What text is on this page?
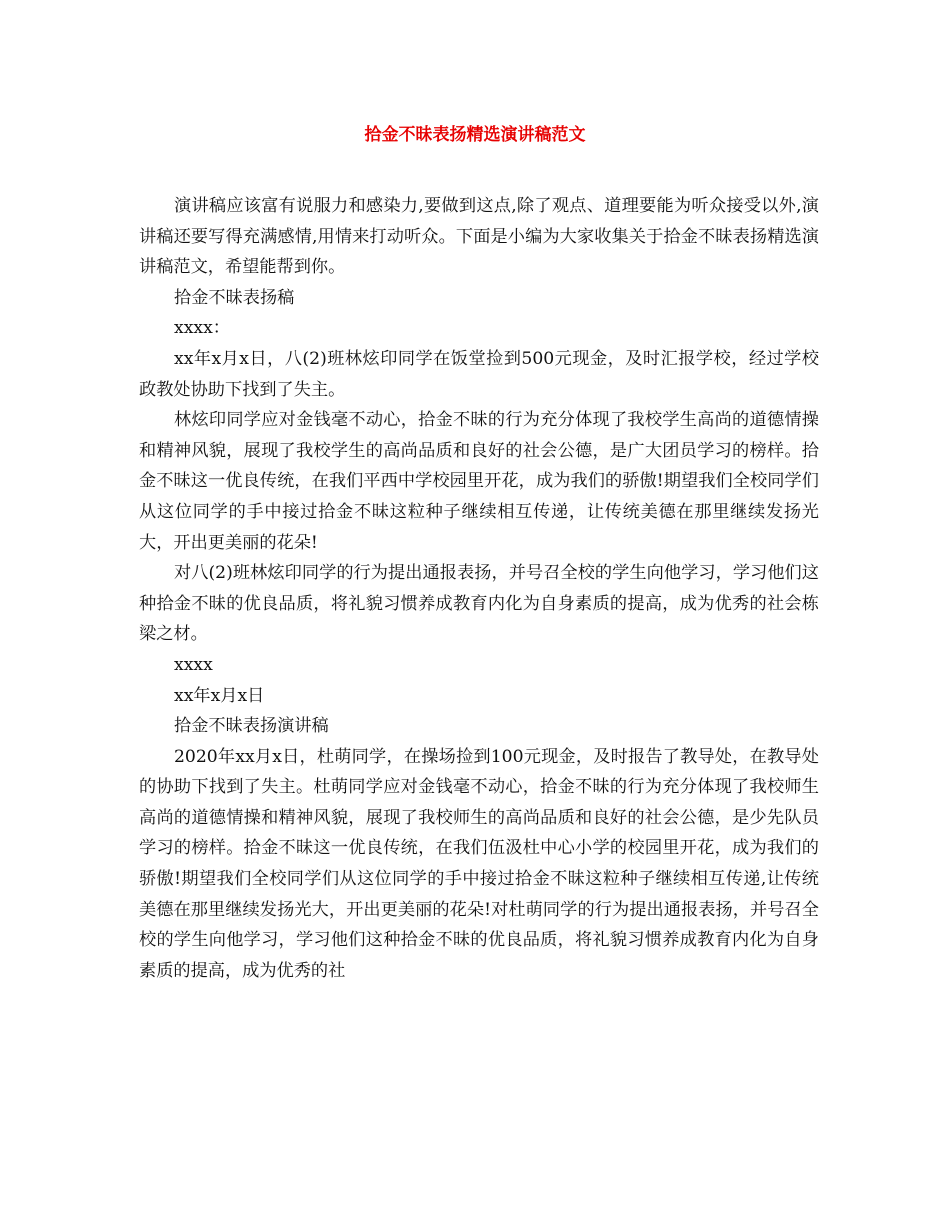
拾金不昧表扬精选演讲稿范文

演讲稿应该富有说服力和感染力,要做到这点,除了观点、道理要能为听众接受以外,演讲稿还要写得充满感情,用情来打动听众。下面是小编为大家收集关于拾金不昧表扬精选演讲稿范文，希望能帮到你。

拾金不昧表扬稿

xxxx：

xx年x月x日，八(2)班林炫印同学在饭堂捡到500元现金，及时汇报学校，经过学校政教处协助下找到了失主。

林炫印同学应对金钱毫不动心，拾金不昧的行为充分体现了我校学生高尚的道德情操和精神风貌，展现了我校学生的高尚品质和良好的社会公德，是广大团员学习的榜样。拾金不昧这一优良传统，在我们平西中学校园里开花，成为我们的骄傲!期望我们全校同学们从这位同学的手中接过拾金不昧这粒种子继续相互传递，让传统美德在那里继续发扬光大，开出更美丽的花朵!

对八(2)班林炫印同学的行为提出通报表扬，并号召全校的学生向他学习，学习他们这种拾金不昧的优良品质，将礼貌习惯养成教育内化为自身素质的提高，成为优秀的社会栋梁之材。

xxxx

xx年x月x日

拾金不昧表扬演讲稿

2020年xx月x日，杜萌同学，在操场捡到100元现金，及时报告了教导处，在教导处的协助下找到了失主。杜萌同学应对金钱毫不动心，拾金不昧的行为充分体现了我校师生高尚的道德情操和精神风貌，展现了我校师生的高尚品质和良好的社会公德，是少先队员学习的榜样。拾金不昧这一优良传统，在我们伍汲杜中心小学的校园里开花，成为我们的骄傲!期望我们全校同学们从这位同学的手中接过拾金不昧这粒种子继续相互传递,让传统美德在那里继续发扬光大，开出更美丽的花朵!对杜萌同学的行为提出通报表扬，并号召全校的学生向他学习，学习他们这种拾金不昧的优良品质，将礼貌习惯养成教育内化为自身素质的提高，成为优秀的社
